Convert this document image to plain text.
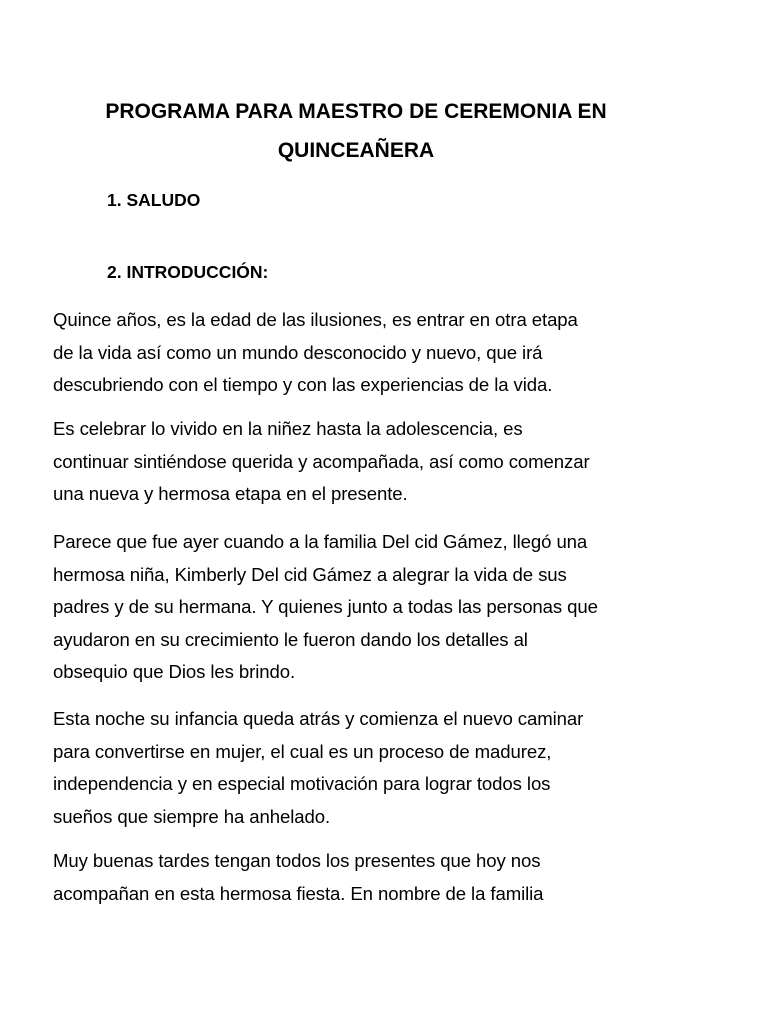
PROGRAMA PARA MAESTRO DE CEREMONIA EN
QUINCEAÑERA
1. SALUDO
2. INTRODUCCIÓN:

Quince años, es la edad de las ilusiones, es entrar en otra etapa
de la vida así como un mundo desconocido y nuevo, que irá
descubriendo con el tiempo y con las experiencias de la vida.

Es celebrar lo vivido en la niñez hasta la adolescencia, es
continuar sintiéndose querida y acompañada, así como comenzar
una nueva y hermosa etapa en el presente.

Parece que fue ayer cuando a la familia Del cid Gámez, llegó una
hermosa niña, Kimberly Del cid Gámez a alegrar la vida de sus
padres y de su hermana. Y quienes junto a todas las personas que
ayudaron en su crecimiento le fueron dando los detalles al
obsequio que Dios les brindo.

Esta noche su infancia queda atrás y comienza el nuevo caminar
para convertirse en mujer, el cual es un proceso de madurez,
independencia y en especial motivación para lograr todos los
sueños que siempre ha anhelado.

Muy buenas tardes tengan todos los presentes que hoy nos
acompañan en esta hermosa fiesta. En nombre de la familia
